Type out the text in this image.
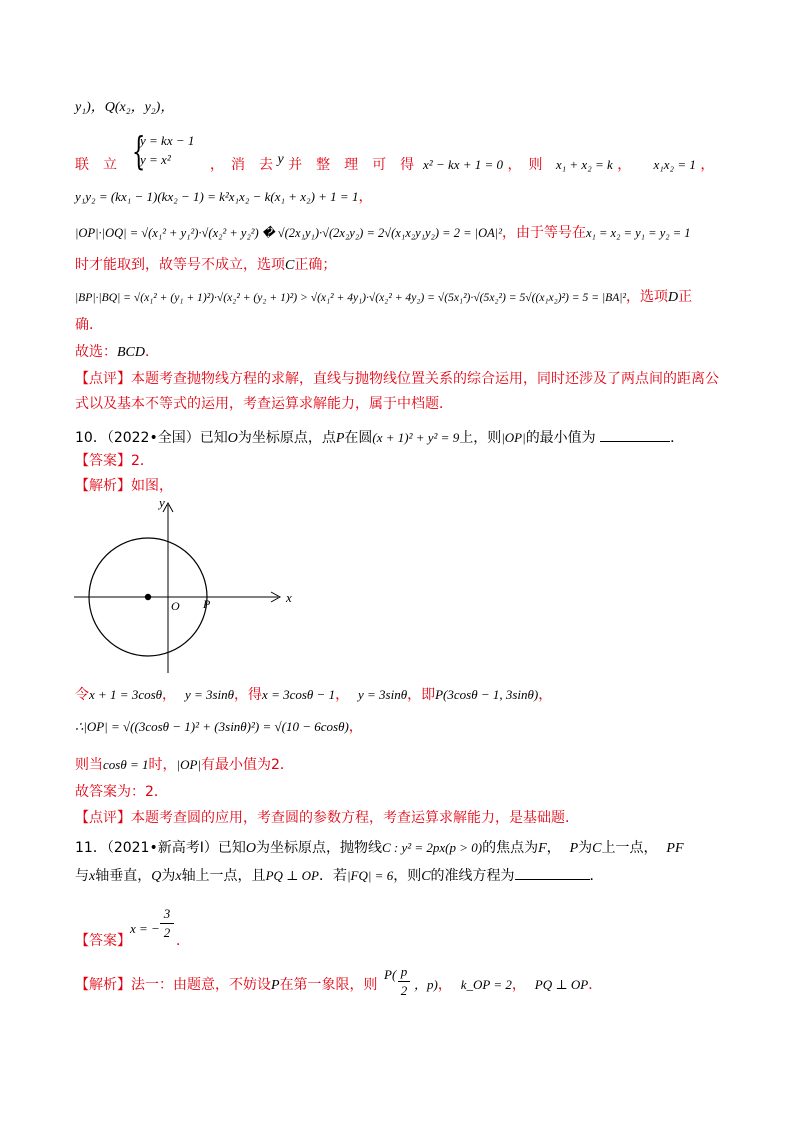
y₁)，Q(x₂，y₂)，
{
y = kx − 1
y = x²
联　立	，　消　去 y 并　整　理　可　得 x² − kx + 1 = 0 ，　则 x₁ + x₂ = k ， x₁x₂ = 1 ，
y₁y₂ = (kx₁ − 1)(kx₂ − 1) = k²x₁x₂ − k(x₁ + x₂) + 1 = 1，
|OP|·|OQ| = √(x₁² + y₁²)·√(x₂² + y₂²) � √(2x₁y₁)·√(2x₂y₂) = 2√(x₁x₂y₁y₂) = 2 = |OA|²，由于等号在x₁ = x₂ = y₁ = y₂ = 1
时才能取到，故等号不成立，选项C正确；
|BP|·|BQ| = √(x₁² + (y₁ + 1)²)·√(x₂² + (y₂ + 1)²) > √(x₁² + 4y₁)·√(x₂² + 4y₂) = √(5x₁²)·√(5x₂²) = 5√((x₁x₂)²) = 5 = |BA|²，选项D正
确．
故选：BCD．
【点评】本题考查抛物线方程的求解，直线与抛物线位置关系的综合运用，同时还涉及了两点间的距离公
式以及基本不等式的运用，考查运算求解能力，属于中档题．
10．（2022•全国）已知O为坐标原点，点P在圆(x + 1)² + y² = 9上，则|OP|的最小值为	．
【答案】2．
【解析】如图，
y
x
O P
令x + 1 = 3cosθ， y = 3sinθ，得x = 3cosθ − 1， y = 3sinθ，即P(3cosθ − 1, 3sinθ)，
∴|OP| = √((3cosθ − 1)² + (3sinθ)²) = √(10 − 6cosθ)，
则当cosθ = 1时，|OP|有最小值为2．
故答案为：2．
【点评】本题考查圆的应用，考查圆的参数方程，考查运算求解能力，是基础题．
11．（2021•新高考Ⅰ）已知O为坐标原点，抛物线C : y² = 2px(p > 0)的焦点为F， P为C上一点， PF
与x轴垂直，Q为x轴上一点，且PQ ⊥ OP．若|FQ| = 6，则C的准线方程为	．
【答案】
x = −
3
2
．
【解析】法一：由题意，不妨设P在第一象限，则
P( p
2 ，p)， k_OP = 2， PQ ⊥ OP．
